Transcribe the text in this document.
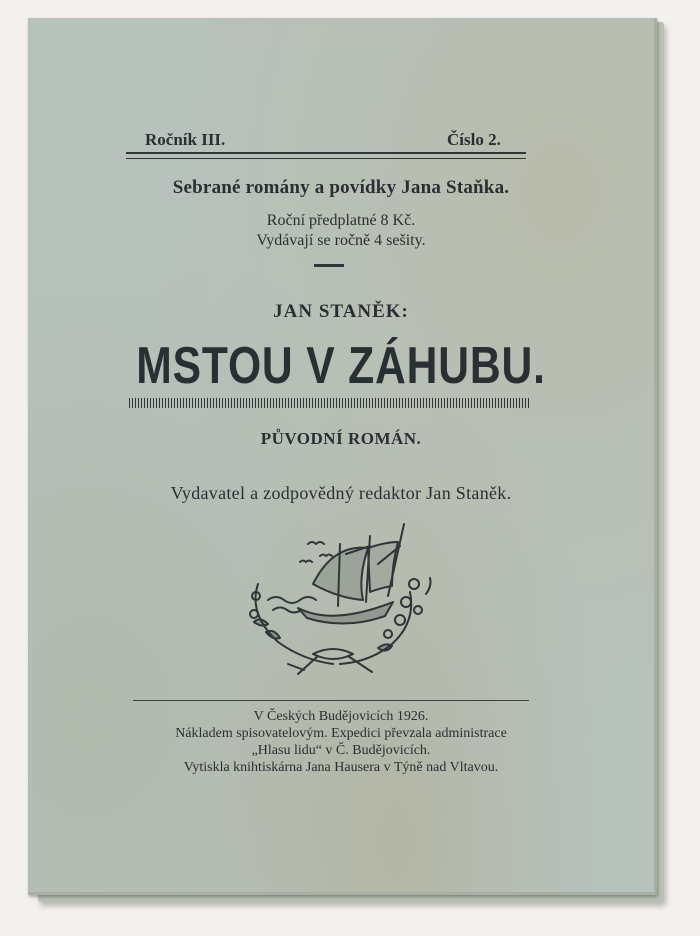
Ročník III.	Číslo 2.
Sebrané romány a povídky Jana Staňka.
Roční předplatné 8 Kč.
Vydávají se ročně 4 sešity.
JAN STANĚK:
MSTOU V ZÁHUBU.
PŮVODNÍ ROMÁN.
Vydavatel a zodpovědný redaktor Jan Staněk.
V Českých Budějovicích 1926.
Nákladem spisovatelovým. Expedici převzala administrace
„Hlasu lidu“ v Č. Budějovicích.
Vytiskla knihtiskárna Jana Hausera v Týně nad Vltavou.
